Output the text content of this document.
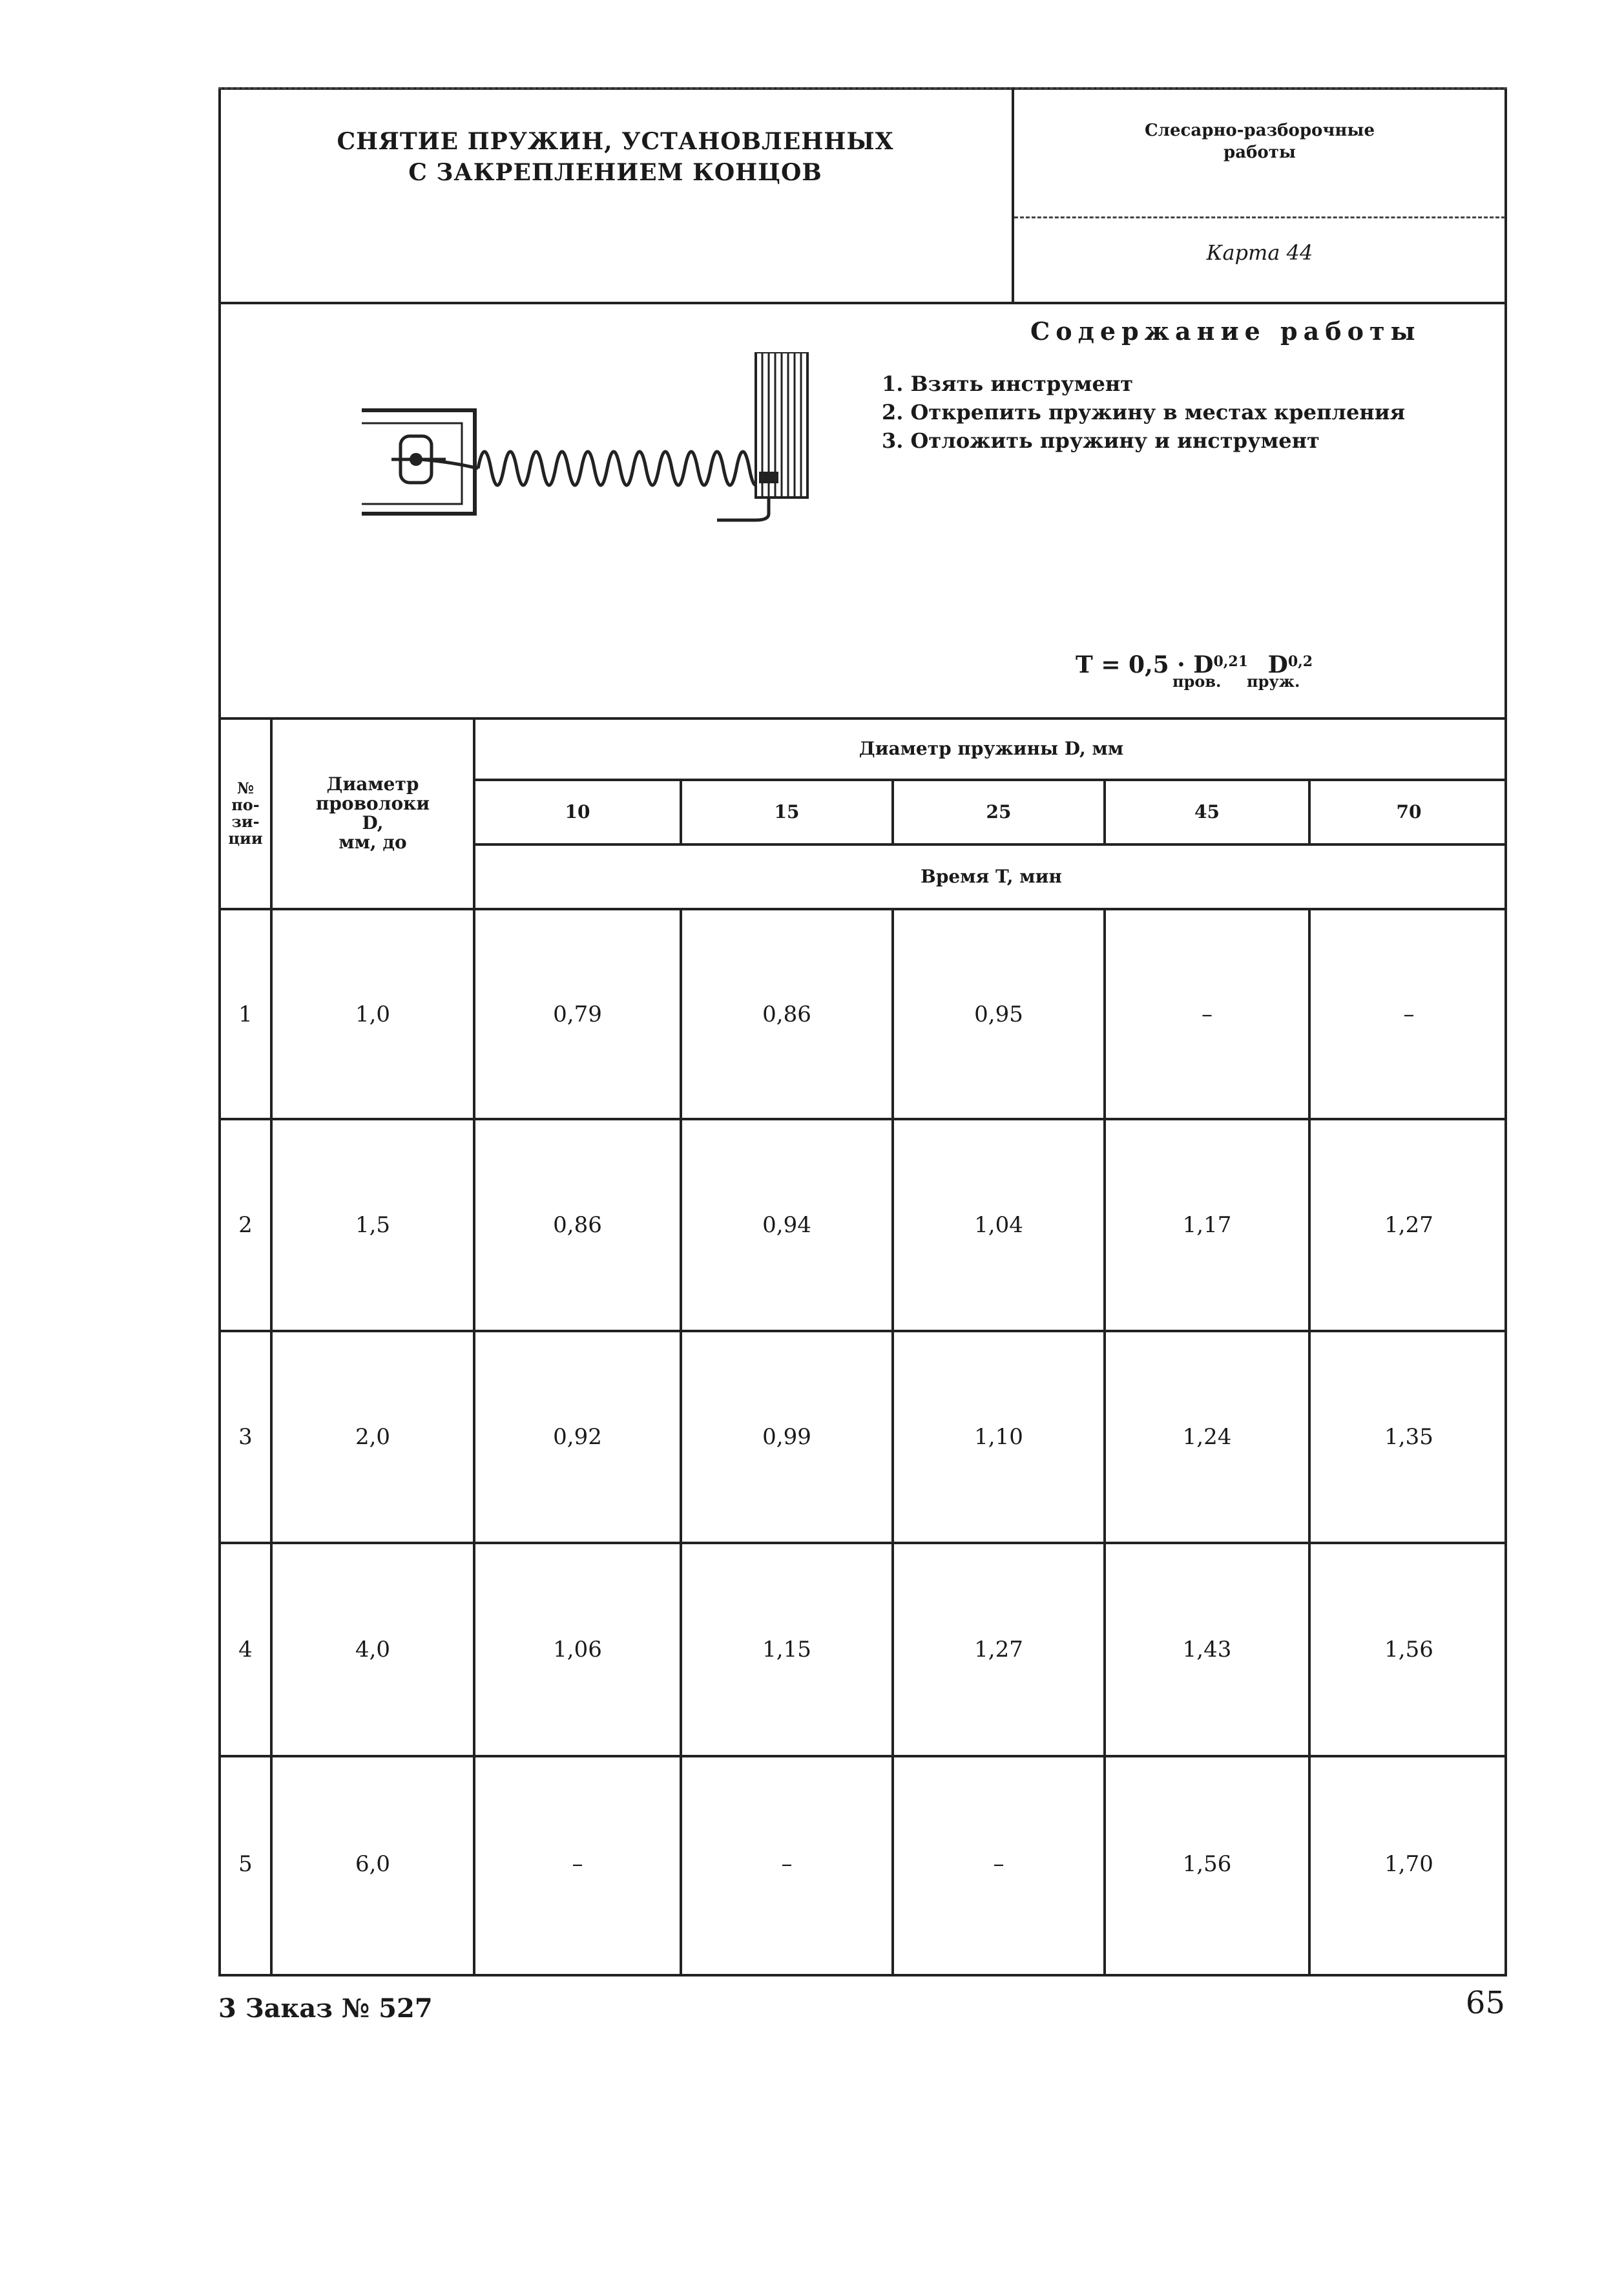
СНЯТИЕ ПРУЖИН, УСТАНОВЛЕННЫХ
С ЗАКРЕПЛЕНИЕМ КОНЦОВ
Слесарно-разборочные
работы
Карта 44
Содержание работы
1. Взять инструмент
2. Открепить пружину в местах крепления
3. Отложить пружину и инструмент
T = 0,5 · D$^{0,21}$
пров.
D$^{0,2}$
пруж.
№
по-
зи-
ции
Диаметр
проволоки
D,
мм, до
Диаметр пружины D, мм
10	15	25	45	70
Время T, мин
1	1,0	0,79	0,86	0,95	–	–
2	1,5	0,86	0,94	1,04	1,17	1,27
3	2,0	0,92	0,99	1,10	1,24	1,35
4	4,0	1,06	1,15	1,27	1,43	1,56
5	6,0	–	–	–	1,56	1,70
3 Заказ № 527	65
